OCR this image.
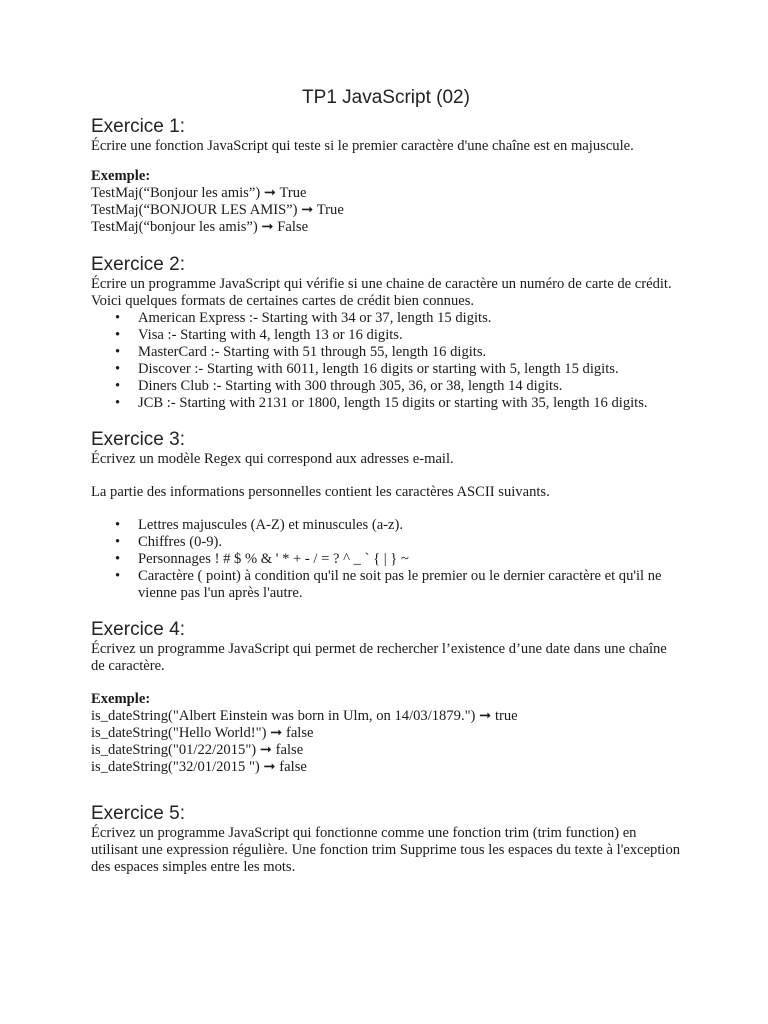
TP1 JavaScript (02)
Exercice 1:

Écrire une fonction JavaScript qui teste si le premier caractère d'une chaîne est en majuscule.

Exemple:

TestMaj(“Bonjour les amis”) ➞ True

TestMaj(“BONJOUR LES AMIS”) ➞ True

TestMaj(“bonjour les amis”) ➞ False

Exercice 2:

Écrire un programme JavaScript qui vérifie si une chaine de caractère un numéro de carte de crédit.

Voici quelques formats de certaines cartes de crédit bien connues.

• American Express :- Starting with 34 or 37, length 15 digits.
• Visa :- Starting with 4, length 13 or 16 digits.
• MasterCard :- Starting with 51 through 55, length 16 digits.
• Discover :- Starting with 6011, length 16 digits or starting with 5, length 15 digits.
• Diners Club :- Starting with 300 through 305, 36, or 38, length 14 digits.
• JCB :- Starting with 2131 or 1800, length 15 digits or starting with 35, length 16 digits.
Exercice 3:

Écrivez un modèle Regex qui correspond aux adresses e-mail.

La partie des informations personnelles contient les caractères ASCII suivants.

• Lettres majuscules (A-Z) et minuscules (a-z).
• Chiffres (0-9).
• Personnages ! # $ % & ' * + - / = ? ^ _ ` { | } ~
• Caractère ( point) à condition qu'il ne soit pas le premier ou le dernier caractère et qu'il ne vienne pas l'un après l'autre.
Exercice 4:

Écrivez un programme JavaScript qui permet de rechercher l’existence d’une date dans une chaîne de caractère.

Exemple:

is_dateString("Albert Einstein was born in Ulm, on 14/03/1879.") ➞ true

is_dateString("Hello World!") ➞ false

is_dateString("01/22/2015") ➞ false

is_dateString("32/01/2015 ") ➞ false

Exercice 5:

Écrivez un programme JavaScript qui fonctionne comme une fonction trim (trim function) en utilisant une expression régulière. Une fonction trim Supprime tous les espaces du texte à l'exception des espaces simples entre les mots.
